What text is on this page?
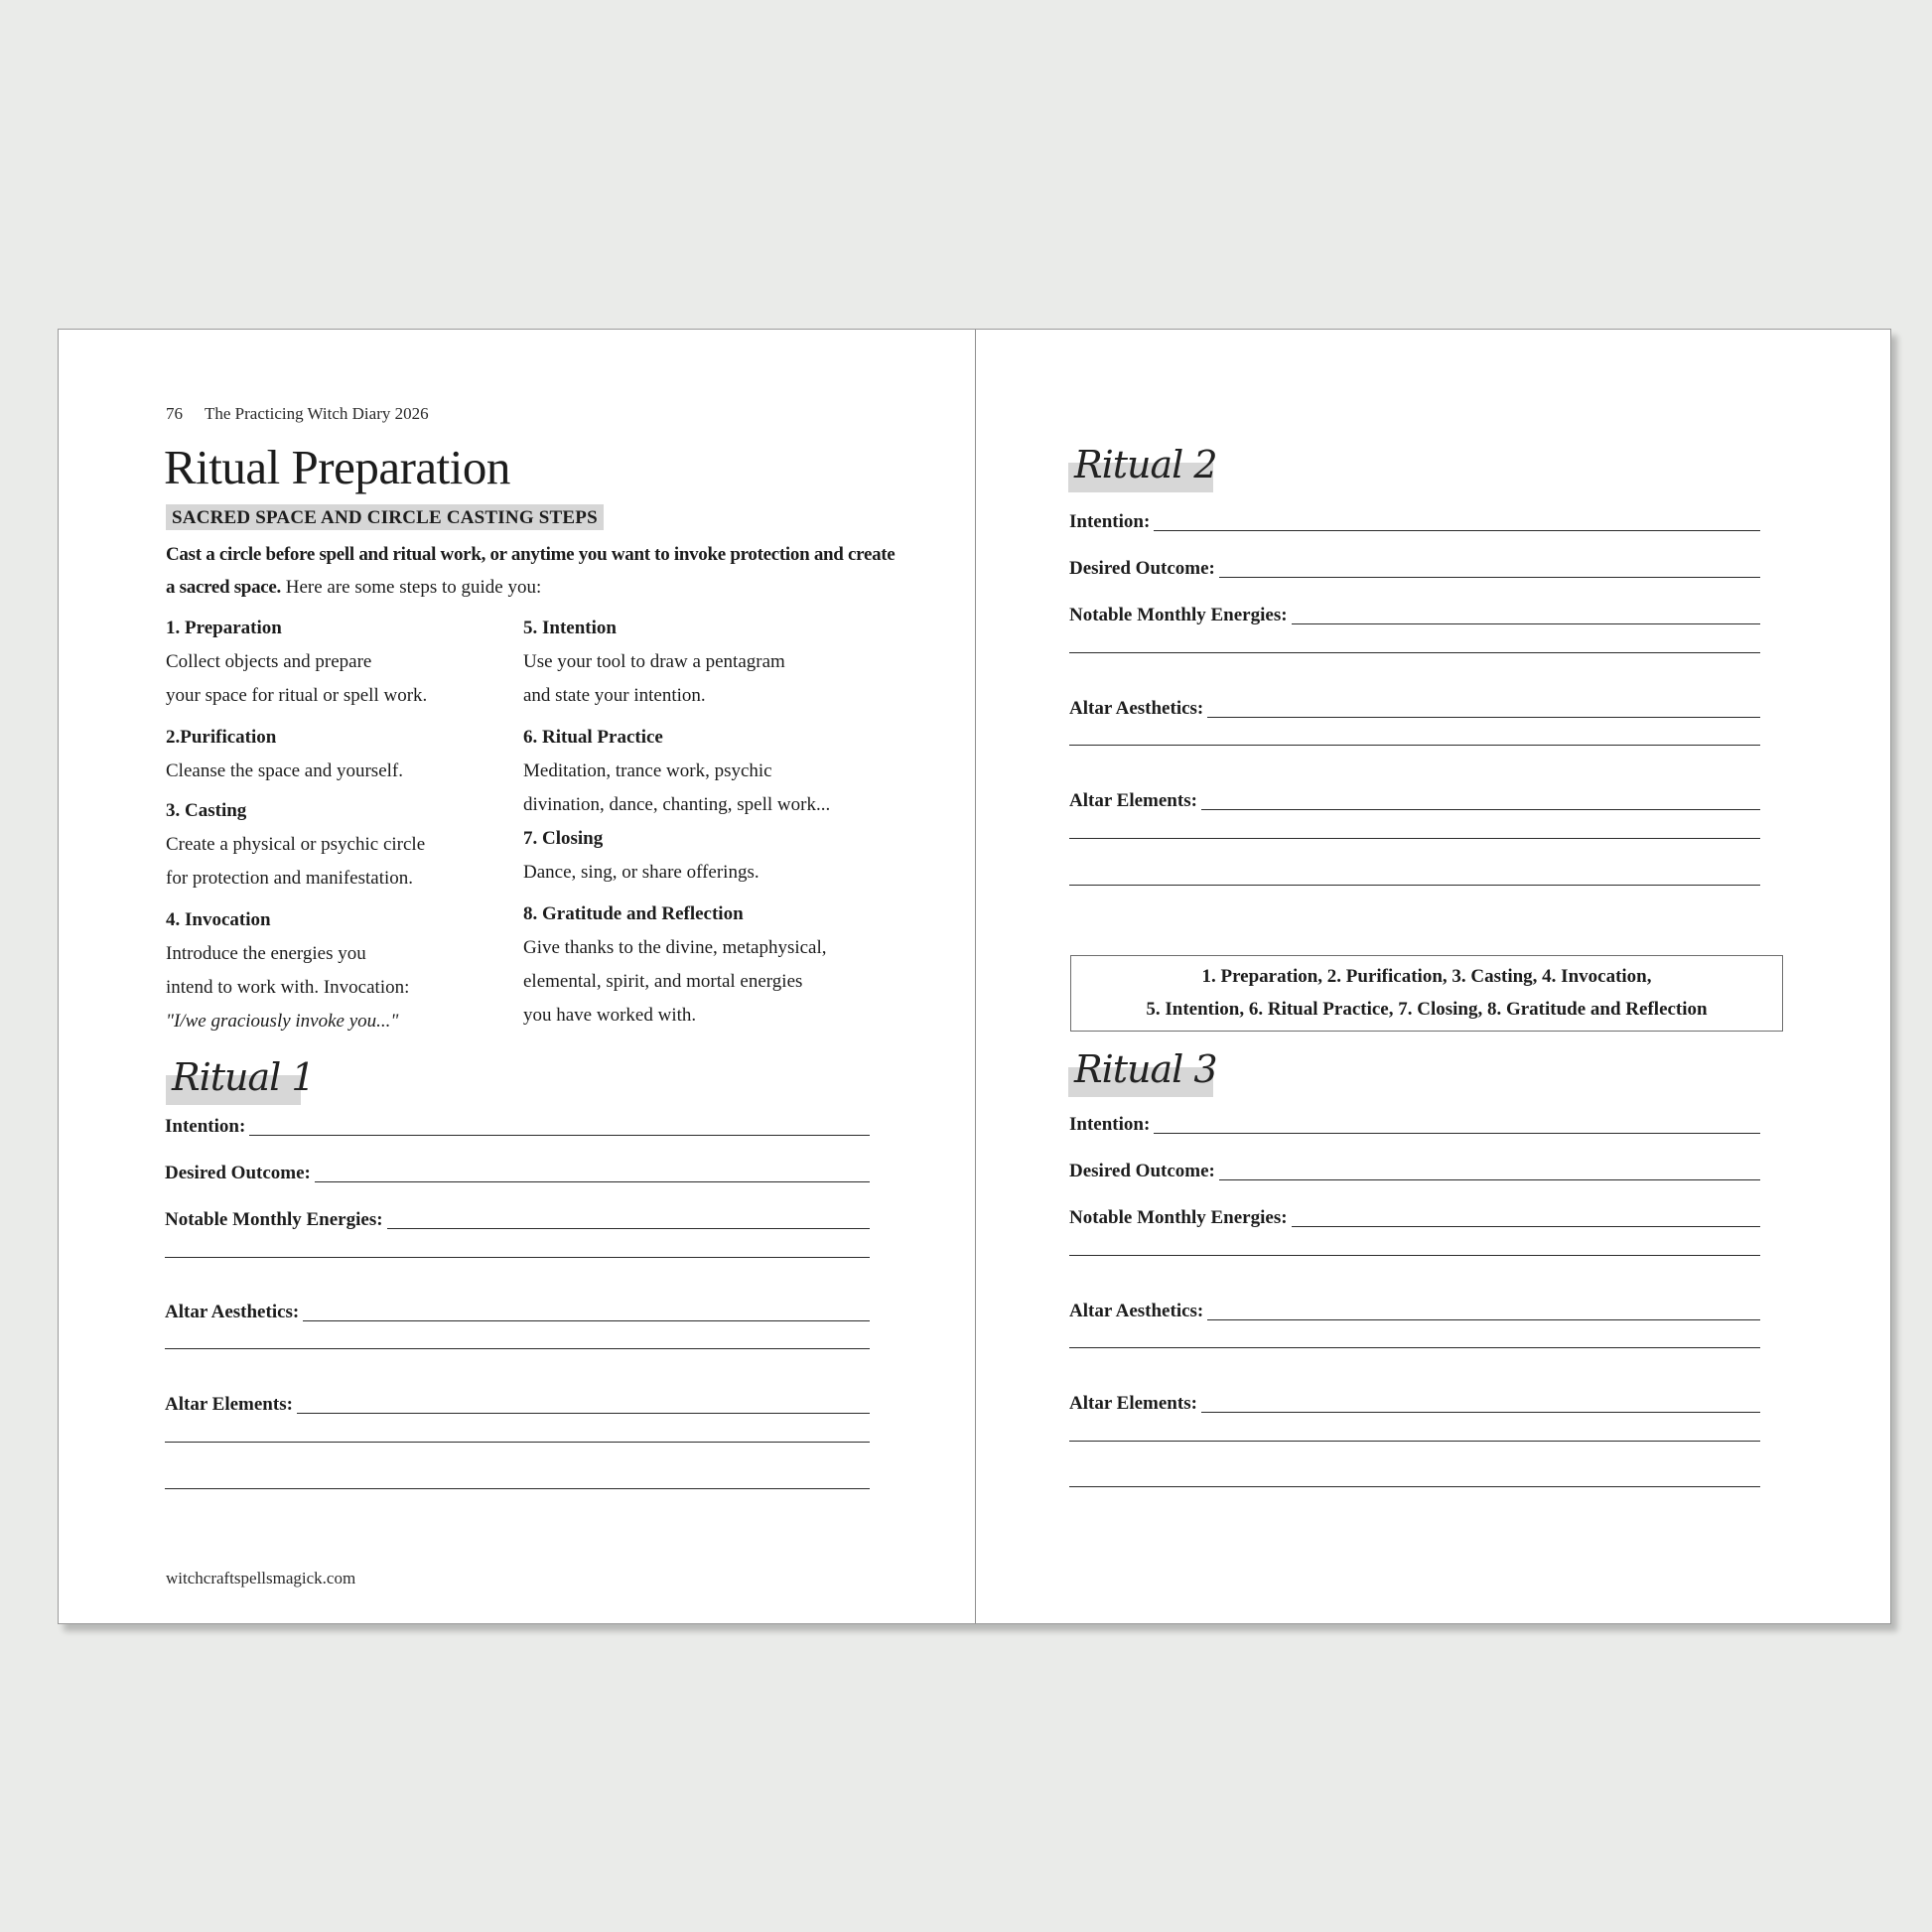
76 The Practicing Witch Diary 2026
Ritual Preparation
SACRED SPACE AND CIRCLE CASTING STEPS
Cast a circle before spell and ritual work, or anytime you want to invoke protection and create a sacred space. Here are some steps to guide you:
1. Preparation
Collect objects and prepare
your space for ritual or spell work.
2.Purification
Cleanse the space and yourself.
3. Casting
Create a physical or psychic circle
for protection and manifestation.
4. Invocation
Introduce the energies you
intend to work with. Invocation:
"I/we graciously invoke you..."
5. Intention
Use your tool to draw a pentagram
and state your intention.
6. Ritual Practice
Meditation, trance work, psychic
divination, dance, chanting, spell work...
7. Closing
Dance, sing, or share offerings.
8. Gratitude and Reflection
Give thanks to the divine, metaphysical,
elemental, spirit, and mortal energies
you have worked with.
Ritual 1
Intention:
Desired Outcome:
Notable Monthly Energies:
Altar Aesthetics:
Altar Elements:
witchcraftspellsmagick.com
Ritual 2
Intention:
Desired Outcome:
Notable Monthly Energies:
Altar Aesthetics:
Altar Elements:
1. Preparation, 2. Purification, 3. Casting, 4. Invocation,
5. Intention, 6. Ritual Practice, 7. Closing, 8. Gratitude and Reflection
Ritual 3
Intention:
Desired Outcome:
Notable Monthly Energies:
Altar Aesthetics:
Altar Elements:
